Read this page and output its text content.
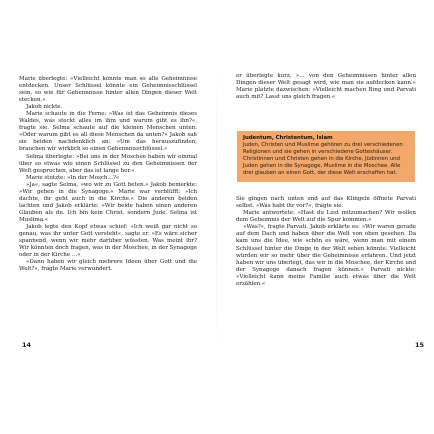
Marie überlegte: »Vielleicht könnte man so alle Geheimnisse entdecken. Unser Schlüssel könnte ein Geheimnisschlüssel sein, so wie für Geheimnisse hinter allen Dingen dieser Welt stecken.«

Jakob nickte.

Marie schaute in die Ferne: »Was ist das Geheimnis dieses Waldes, was steckt alles im ihm und warum gibt es ihn?«, fragte sie. Selma schaute auf die kleinen Menschen unten: »Oder warum gibt es all diese Menschen da unten?« Jakob sah sie beiden nachdenklich an: »Um das herauszufinden, brauchen wir wirklich so einen Geheimnisschlüssel.«

Selma überlegte: »Bei uns in der Moschee haben wir einmal über so etwas wie einen Schlüssel zu den Geheimnissen der Welt gesprochen, aber das ist lange her.«

Marie stutzte: »In der Mosch…?«

»Ja«, sagte Selma, »wo wir zu Gott beten.« Jakob bemerkte: »Wir gehen in die Synagoge.« Marie war verblüfft: »Ich dachte, ihr geht auch in die Kirche.« Die anderen beiden lachten und Jakob erklärte: »Wir beide haben einen anderen Glauben als du. Ich bin kein Christ, sondern Jude. Selma ist Muslima.«

Jakob legte den Kopf etwas schief: »Ich weiß gar nicht so genau, was ihr unter Gott versteht«, sagte er. »Es wäre sicher spannend, wenn wir mehr darüber wüssten. Was meint ihr? Wir könnten doch fragen, was in der Moschee, in der Synagoge oder in der Kirche …«

»Dann haben wir gleich mehrere Ideen über Gott und die Welt?«, fragte Marie verwundert.

14

er überlegte kurz, »… von den Geheimnissen hinter allen Dingen dieser Welt gesagt wird, wie man sie aufdecken kann.« Marie platzte dazwischen: »Vielleicht machen Bing und Parvati auch mit? Lasst uns gleich fragen.«

Judentum, Christentum, Islam
Juden, Christen und Muslime gehören zu drei verschiedenen Religionen und sie gehen in verschiedene Gotteshäuser. Christinnen und Christen gehen in die Kirche, Jüdinnen und Juden gehen in die Synagoge, Muslime in die Moschee. Alle drei glauben an einen Gott, der diese Welt erschaffen hat.

Sie gingen nach unten und auf das Klingeln öffnete Parvati selbst. »Was habt ihr vor?«, fragte sie.

Marie antwortete: »Hast du Lust mitzumachen? Wir wollen dem Geheimnis der Welt auf die Spur kommen.«

»Was?«, fragte Parvati. Jakob erklärte es: »Wir waren gerade auf dem Dach und haben über die Welt von oben gesehen. Da kam uns die Idee, wie schön es wäre, wenn man mit einem Schlüssel hinter die Dinge in der Welt sehen könnte. Vielleicht würden wir so mehr über die Geheimnisse erfahren. Und jetzt haben wir uns überlegt, das wir in die Moschee, der Kirche und der Synagoge danach fragen können.« Parvati nickte: »Vielleicht kann meine Familie auch etwas über die Welt erzählen.«

15
